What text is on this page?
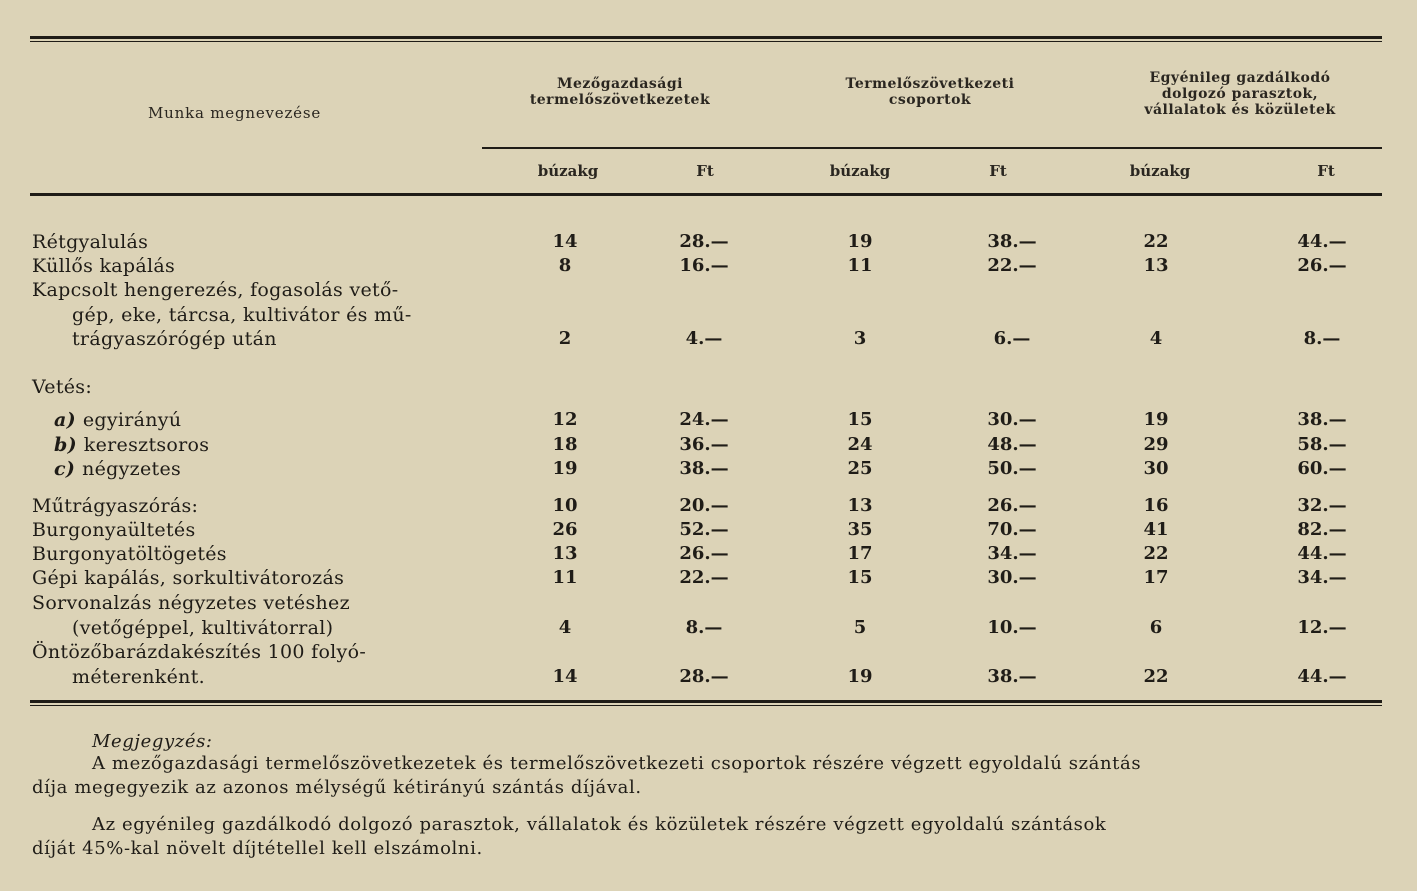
Munka megnevezése
Mezőgazdasági
termelőszövetkezetek
Termelőszövetkezeti
csoportok
Egyénileg gazdálkodó
dolgozó parasztok,
vállalatok és közületek
búzakg	Ft	búzakg	Ft	búzakg	Ft
Rétgyalulás	14	28.—	19	38.—	22	44.—
Küllős kapálás	8	16.—	11	22.—	13	26.—
Kapcsolt hengerezés, fogasolás vető-
gép, eke, tárcsa, kultivátor és mű-
trágyaszórógép után	2	4.—	3	6.—	4	8.—
Vetés:
a) egyirányú	12	24.—	15	30.—	19	38.—
b) keresztsoros	18	36.—	24	48.—	29	58.—
c) négyzetes	19	38.—	25	50.—	30	60.—
Műtrágyaszórás:	10	20.—	13	26.—	16	32.—
Burgonyaültetés	26	52.—	35	70.—	41	82.—
Burgonyatöltögetés	13	26.—	17	34.—	22	44.—
Gépi kapálás, sorkultivátorozás	11	22.—	15	30.—	17	34.—
Sorvonalzás négyzetes vetéshez
(vetőgéppel, kultivátorral)	4	8.—	5	10.—	6	12.—
Öntözőbarázdakészítés 100 folyó-
méterenként.	14	28.—	19	38.—	22	44.—
Megjegyzés:
A mezőgazdasági termelőszövetkezetek és termelőszövetkezeti csoportok részére végzett egyoldalú szántás
díja megegyezik az azonos mélységű kétirányú szántás díjával.
Az egyénileg gazdálkodó dolgozó parasztok, vállalatok és közületek részére végzett egyoldalú szántások
díját 45%-kal növelt díjtétellel kell elszámolni.
